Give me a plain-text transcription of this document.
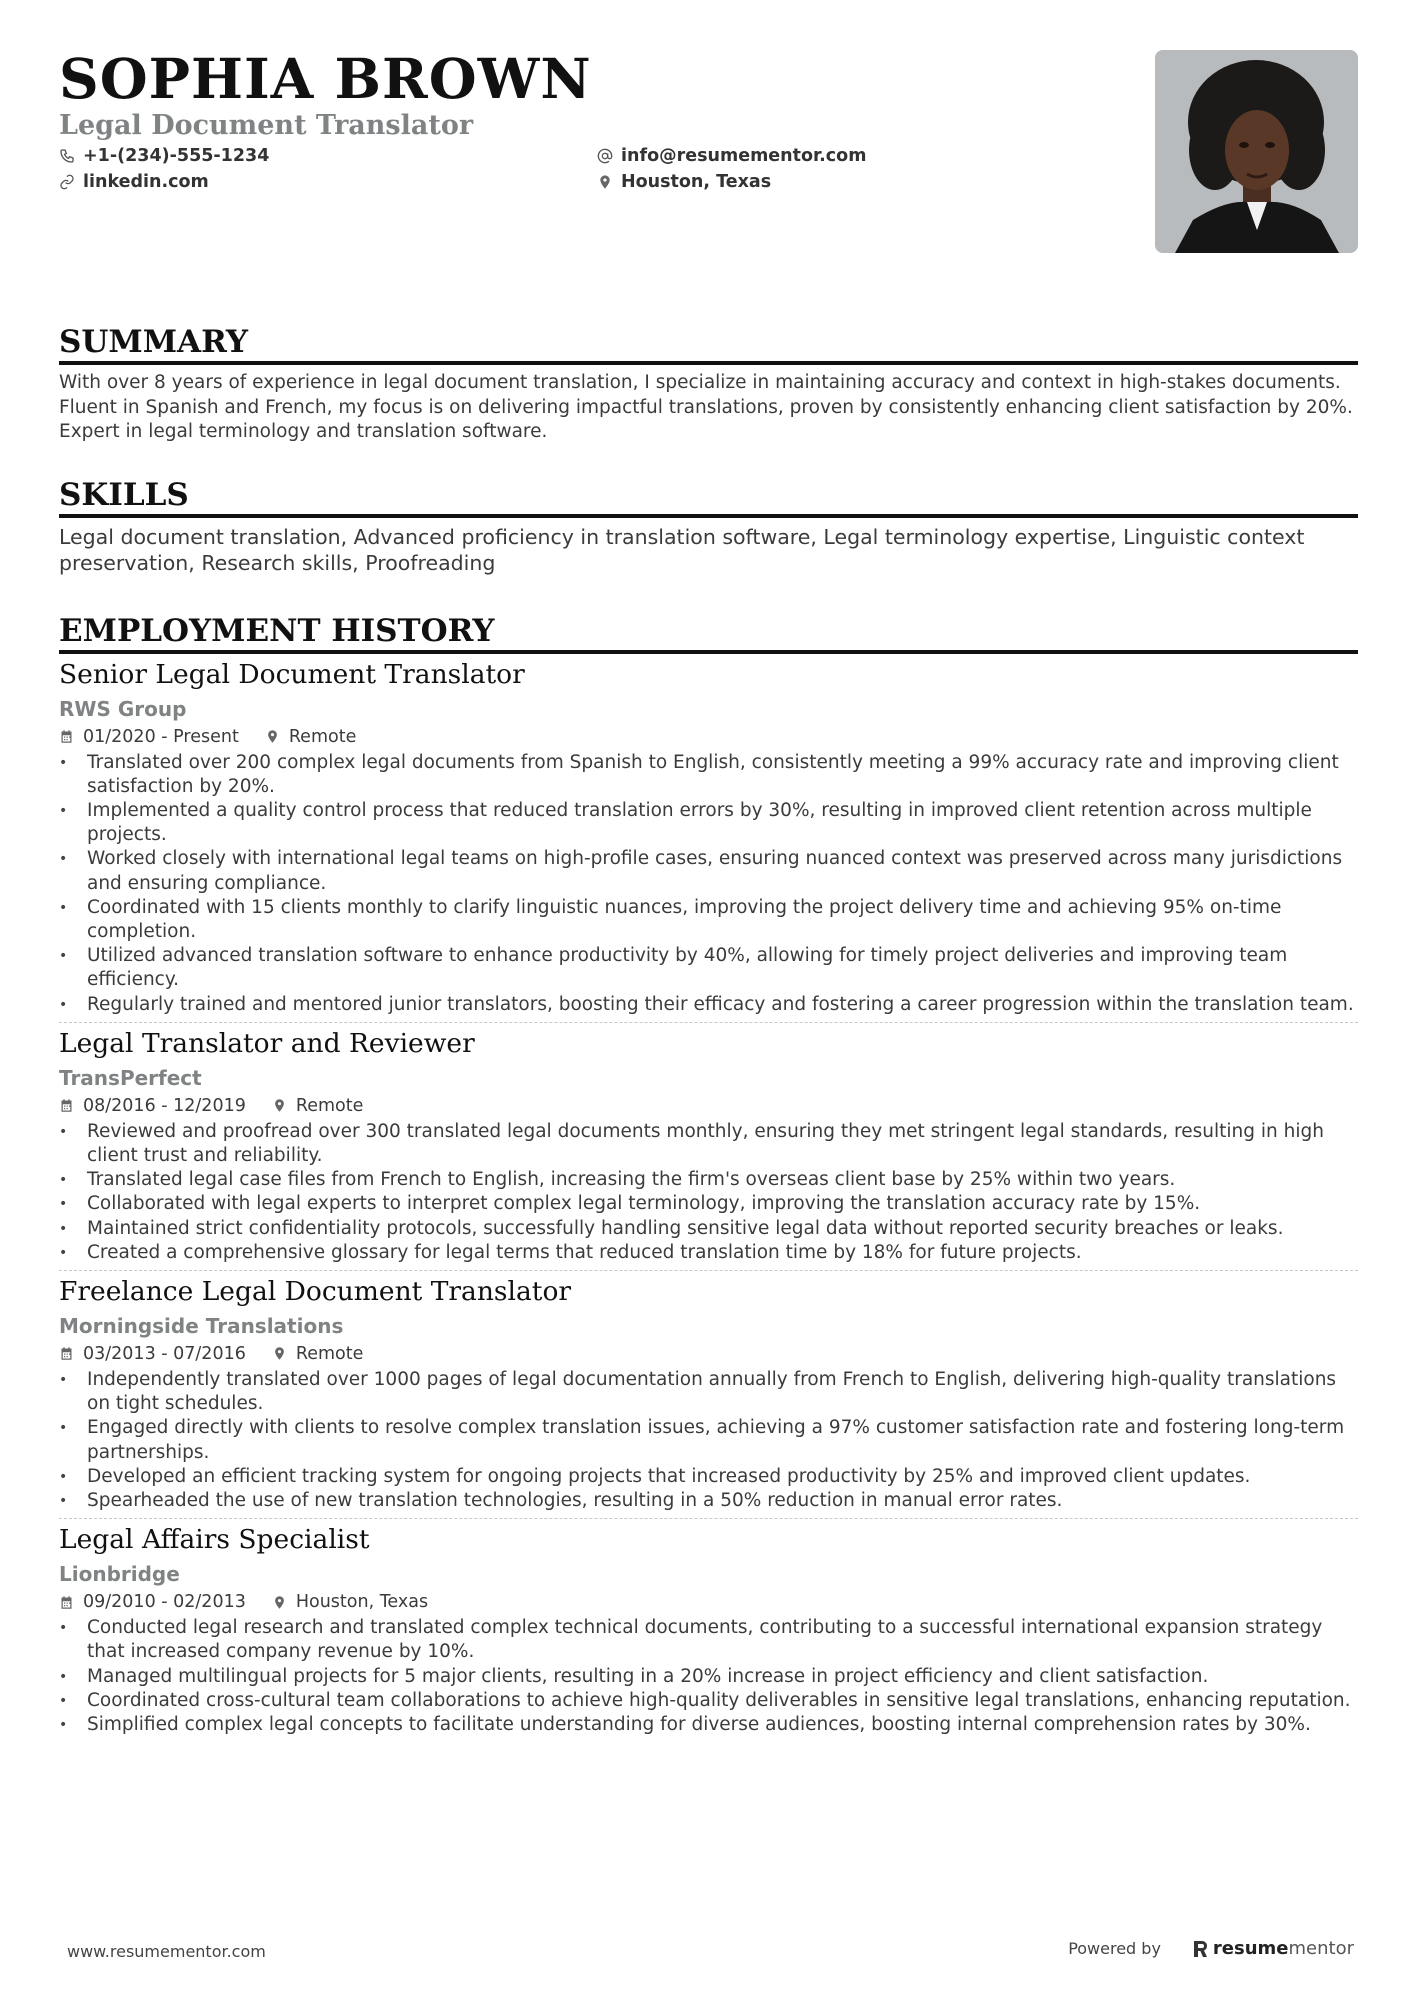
SOPHIA BROWN
Legal Document Translator
+1-(234)-555-1234	info@resumementor.com
linkedin.com	Houston, Texas
SUMMARY
With over 8 years of experience in legal document translation, I specialize in maintaining accuracy and context in high-stakes documents. Fluent in Spanish and French, my focus is on delivering impactful translations, proven by consistently enhancing client satisfaction by 20%. Expert in legal terminology and translation software.
SKILLS
Legal document translation, Advanced proficiency in translation software, Legal terminology expertise, Linguistic context preservation, Research skills, Proofreading
EMPLOYMENT HISTORY
Senior Legal Document Translator
RWS Group
01/2020 - Present	Remote
• Translated over 200 complex legal documents from Spanish to English, consistently meeting a 99% accuracy rate and improving client satisfaction by 20%.
• Implemented a quality control process that reduced translation errors by 30%, resulting in improved client retention across multiple projects.
• Worked closely with international legal teams on high-profile cases, ensuring nuanced context was preserved across many jurisdictions and ensuring compliance.
• Coordinated with 15 clients monthly to clarify linguistic nuances, improving the project delivery time and achieving 95% on-time completion.
• Utilized advanced translation software to enhance productivity by 40%, allowing for timely project deliveries and improving team efficiency.
• Regularly trained and mentored junior translators, boosting their efficacy and fostering a career progression within the translation team.
Legal Translator and Reviewer
TransPerfect
08/2016 - 12/2019	Remote
• Reviewed and proofread over 300 translated legal documents monthly, ensuring they met stringent legal standards, resulting in high client trust and reliability.
• Translated legal case files from French to English, increasing the firm's overseas client base by 25% within two years.
• Collaborated with legal experts to interpret complex legal terminology, improving the translation accuracy rate by 15%.
• Maintained strict confidentiality protocols, successfully handling sensitive legal data without reported security breaches or leaks.
• Created a comprehensive glossary for legal terms that reduced translation time by 18% for future projects.
Freelance Legal Document Translator
Morningside Translations
03/2013 - 07/2016	Remote
• Independently translated over 1000 pages of legal documentation annually from French to English, delivering high-quality translations on tight schedules.
• Engaged directly with clients to resolve complex translation issues, achieving a 97% customer satisfaction rate and fostering long-term partnerships.
• Developed an efficient tracking system for ongoing projects that increased productivity by 25% and improved client updates.
• Spearheaded the use of new translation technologies, resulting in a 50% reduction in manual error rates.
Legal Affairs Specialist
Lionbridge
09/2010 - 02/2013	Houston, Texas
• Conducted legal research and translated complex technical documents, contributing to a successful international expansion strategy that increased company revenue by 10%.
• Managed multilingual projects for 5 major clients, resulting in a 20% increase in project efficiency and client satisfaction.
• Coordinated cross-cultural team collaborations to achieve high-quality deliverables in sensitive legal translations, enhancing reputation.
• Simplified complex legal concepts to facilitate understanding for diverse audiences, boosting internal comprehension rates by 30%.
www.resumementor.com	Powered by	resume mentor
